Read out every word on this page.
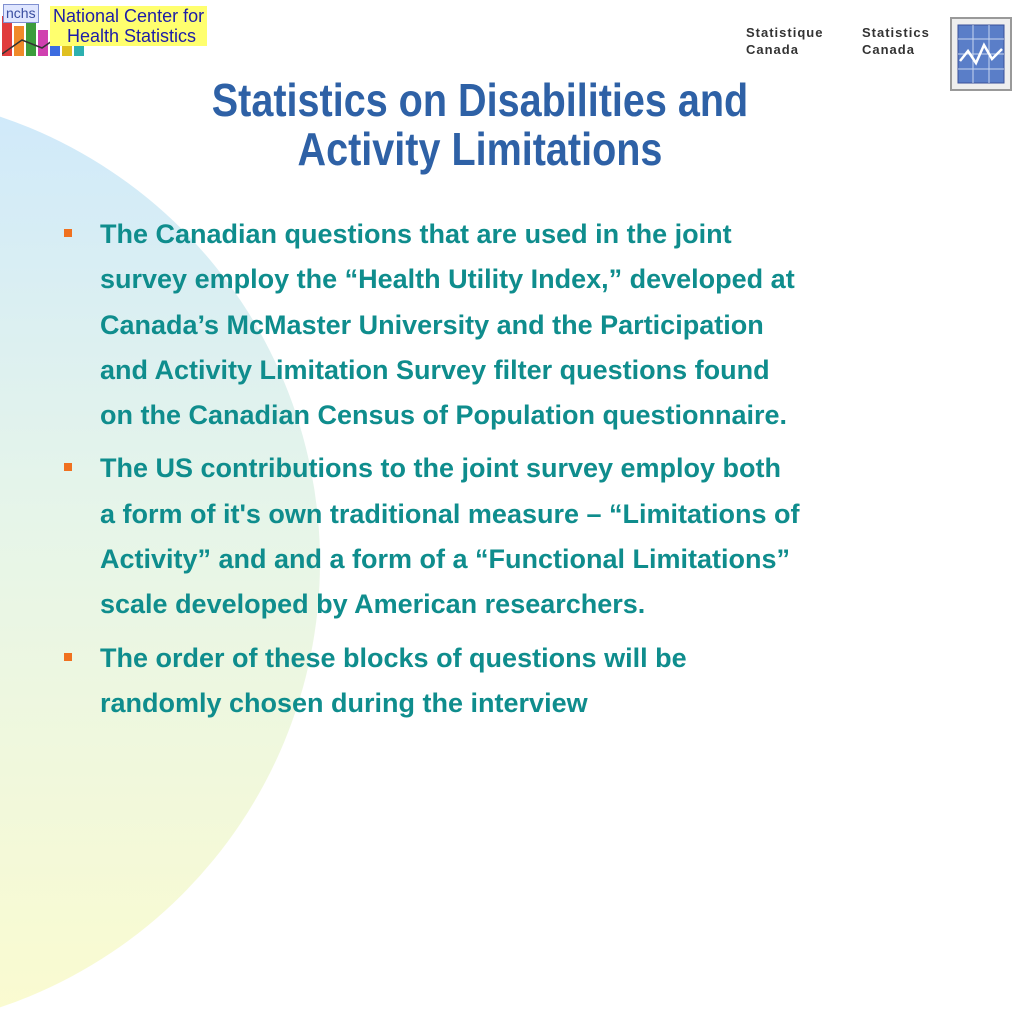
nchs National Center for
Health Statistics	Statistique
Canada
Statistics
Canada
Statistics on Disabilities and
Activity Limitations

The Canadian questions that are used in the joint
survey employ the “Health Utility Index,” developed at
Canada’s McMaster University and the Participation
and Activity Limitation Survey filter questions found
on the Canadian Census of Population questionnaire.

The US contributions to the joint survey employ both
a form of it's own traditional measure – “Limitations of
Activity” and and a form of a “Functional Limitations”
scale developed by American researchers.

The order of these blocks of questions will be
randomly chosen during the interview
